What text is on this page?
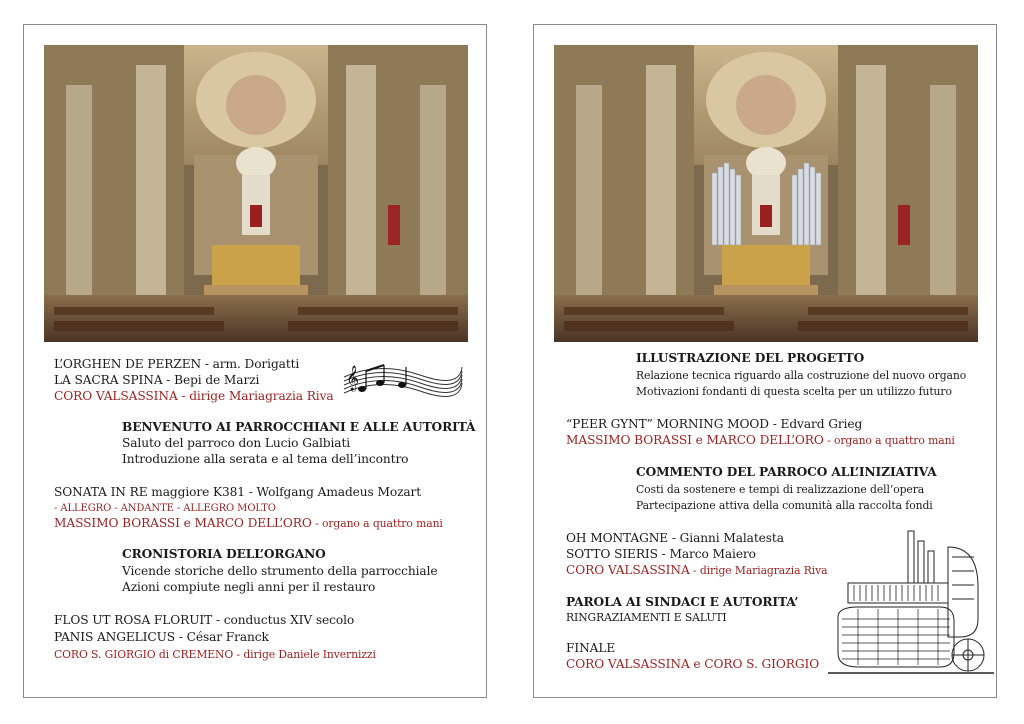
L’ORGHEN DE PERZEN - arm. Dorigatti
LA SACRA SPINA - Bepi de Marzi
CORO VALSASSINA - dirige Mariagrazia Riva
𝄞
BENVENUTO AI PARROCCHIANI E ALLE AUTORITÀ
Saluto del parroco don Lucio Galbiati
Introduzione alla serata e al tema dell’incontro
SONATA IN RE maggiore K381 - Wolfgang Amadeus Mozart
- ALLEGRO - ANDANTE - ALLEGRO MOLTO
MASSIMO BORASSI e MARCO DELL’ORO - organo a quattro mani
CRONISTORIA DELL’ORGANO
Vicende storiche dello strumento della parrocchiale
Azioni compiute negli anni per il restauro
FLOS UT ROSA FLORUIT - conductus XIV secolo
PANIS ANGELICUS - César Franck
CORO S. GIORGIO di CREMENO - dirige Daniele Invernizzi
ILLUSTRAZIONE DEL PROGETTO
Relazione tecnica riguardo alla costruzione del nuovo organo
Motivazioni fondanti di questa scelta per un utilizzo futuro
“PEER GYNT” MORNING MOOD - Edvard Grieg
MASSIMO BORASSI e MARCO DELL’ORO - organo a quattro mani
COMMENTO DEL PARROCO ALL’INIZIATIVA
Costi da sostenere e tempi di realizzazione dell’opera
Partecipazione attiva della comunità alla raccolta fondi
OH MONTAGNE - Gianni Malatesta
SOTTO SIERIS - Marco Maiero
CORO VALSASSINA - dirige Mariagrazia Riva
PAROLA AI SINDACI E AUTORITA’
RINGRAZIAMENTI E SALUTI
FINALE
CORO VALSASSINA e CORO S. GIORGIO
